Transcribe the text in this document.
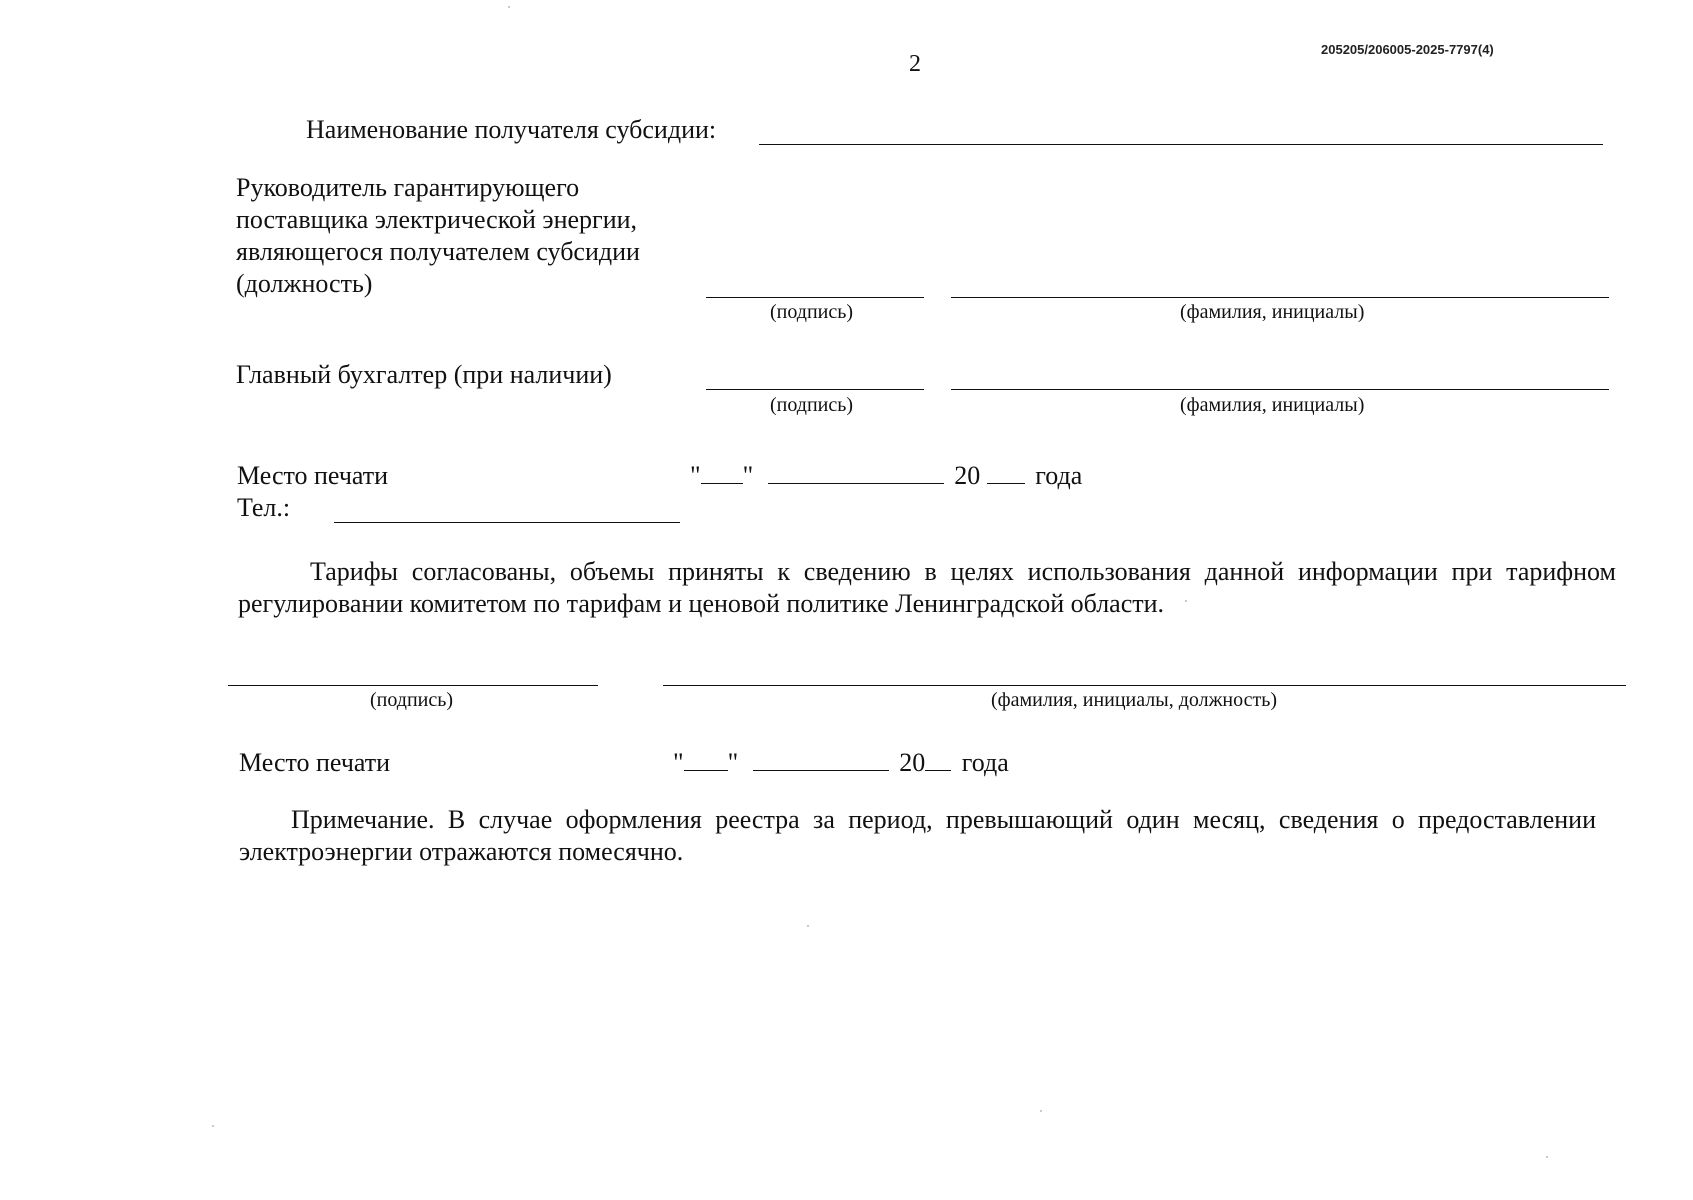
205205/206005-2025-7797(4)
2
Наименование получателя субсидии:
Руководитель гарантирующего
поставщика электрической энергии,
являющегося получателем субсидии
(должность)
(подпись)	(фамилия, инициалы)
Главный бухгалтер (при наличии)
(подпись)	(фамилия, инициалы)
Место печати	" "	20 года
Тел.:
Тарифы согласованы, объемы приняты к сведению в целях использования данной информации при тарифном регулировании комитетом по тарифам и ценовой политике Ленинградской области.
(подпись)	(фамилия, инициалы, должность)
Место печати	" "	20 года
Примечание. В случае оформления реестра за период, превышающий один месяц, сведения о предоставлении электроэнергии отражаются помесячно.
